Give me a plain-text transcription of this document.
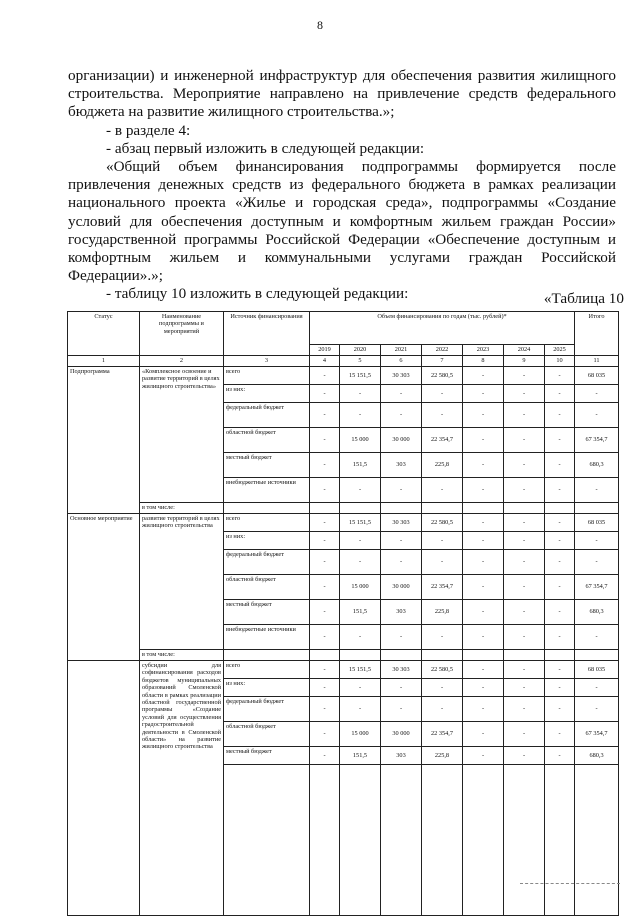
8

организации) и инженерной инфраструктур для обеспечения развития жилищного строительства. Мероприятие направлено на привлечение средств федерального бюджета на развитие жилищного строительства.»;

- в разделе 4:

- абзац первый изложить в следующей редакции:

«Общий объем финансирования подпрограммы формируется после привлечения денежных средств из федерального бюджета в рамках реализации национального проекта «Жилье и городская среда», подпрограммы «Создание условий для обеспечения доступным и комфортным жильем граждан России» государственной программы Российской Федерации «Обеспечение доступным и комфортным жильем и коммунальными услугами граждан Российской Федерации».»;

- таблицу 10 изложить в следующей редакции:	«Таблица 10
Статус	Наименование подпрограммы и мероприятий	Источник финансирования	Объем финансирования по годам (тыс. рублей)*							Итого
			2019	2020	2021	2022	2023	2024	2025	
1	2	3	4	5	6	7	8	9	10	11
Подпрограмма	«Комплексное освоение и развитие территорий в целях жилищного строительства»	всего	-	15 151,5	30 303	22 580,5	-	-	-	68 035
		из них:	-	-	-	-	-	-	-	-
		федеральный бюджет	-	-	-	-	-	-	-	-
		областной бюджет	-	15 000	30 000	22 354,7	-	-	-	67 354,7
		местный бюджет	-	151,5	303	225,8	-	-	-	680,3
		внебюджетные источники	-	-	-	-	-	-	-	-
	в том числе:									
Основное мероприятие	развитие территорий в целях жилищного строительства	всего	-	15 151,5	30 303	22 580,5	-	-	-	68 035
		из них:	-	-	-	-	-	-	-	-
		федеральный бюджет	-	-	-	-	-	-	-	-
		областной бюджет	-	15 000	30 000	22 354,7	-	-	-	67 354,7
		местный бюджет	-	151,5	303	225,8	-	-	-	680,3
		внебюджетные источники	-	-	-	-	-	-	-	-
	в том числе:									
	субсидии для софинансирования расходов бюджетов муниципальных образований Смоленской области в рамках реализации областной государственной программы «Создание условий для осуществления градостроительной деятельности в Смоленской области» на развитие жилищного строительства	всего	-	15 151,5	30 303	22 580,5	-	-	-	68 035
		из них:	-	-	-	-	-	-	-	-
		федеральный бюджет	-	-	-	-	-	-	-	-
		областной бюджет	-	15 000	30 000	22 354,7	-	-	-	67 354,7
		местный бюджет	-	151,5	303	225,8	-	-	-	680,3
